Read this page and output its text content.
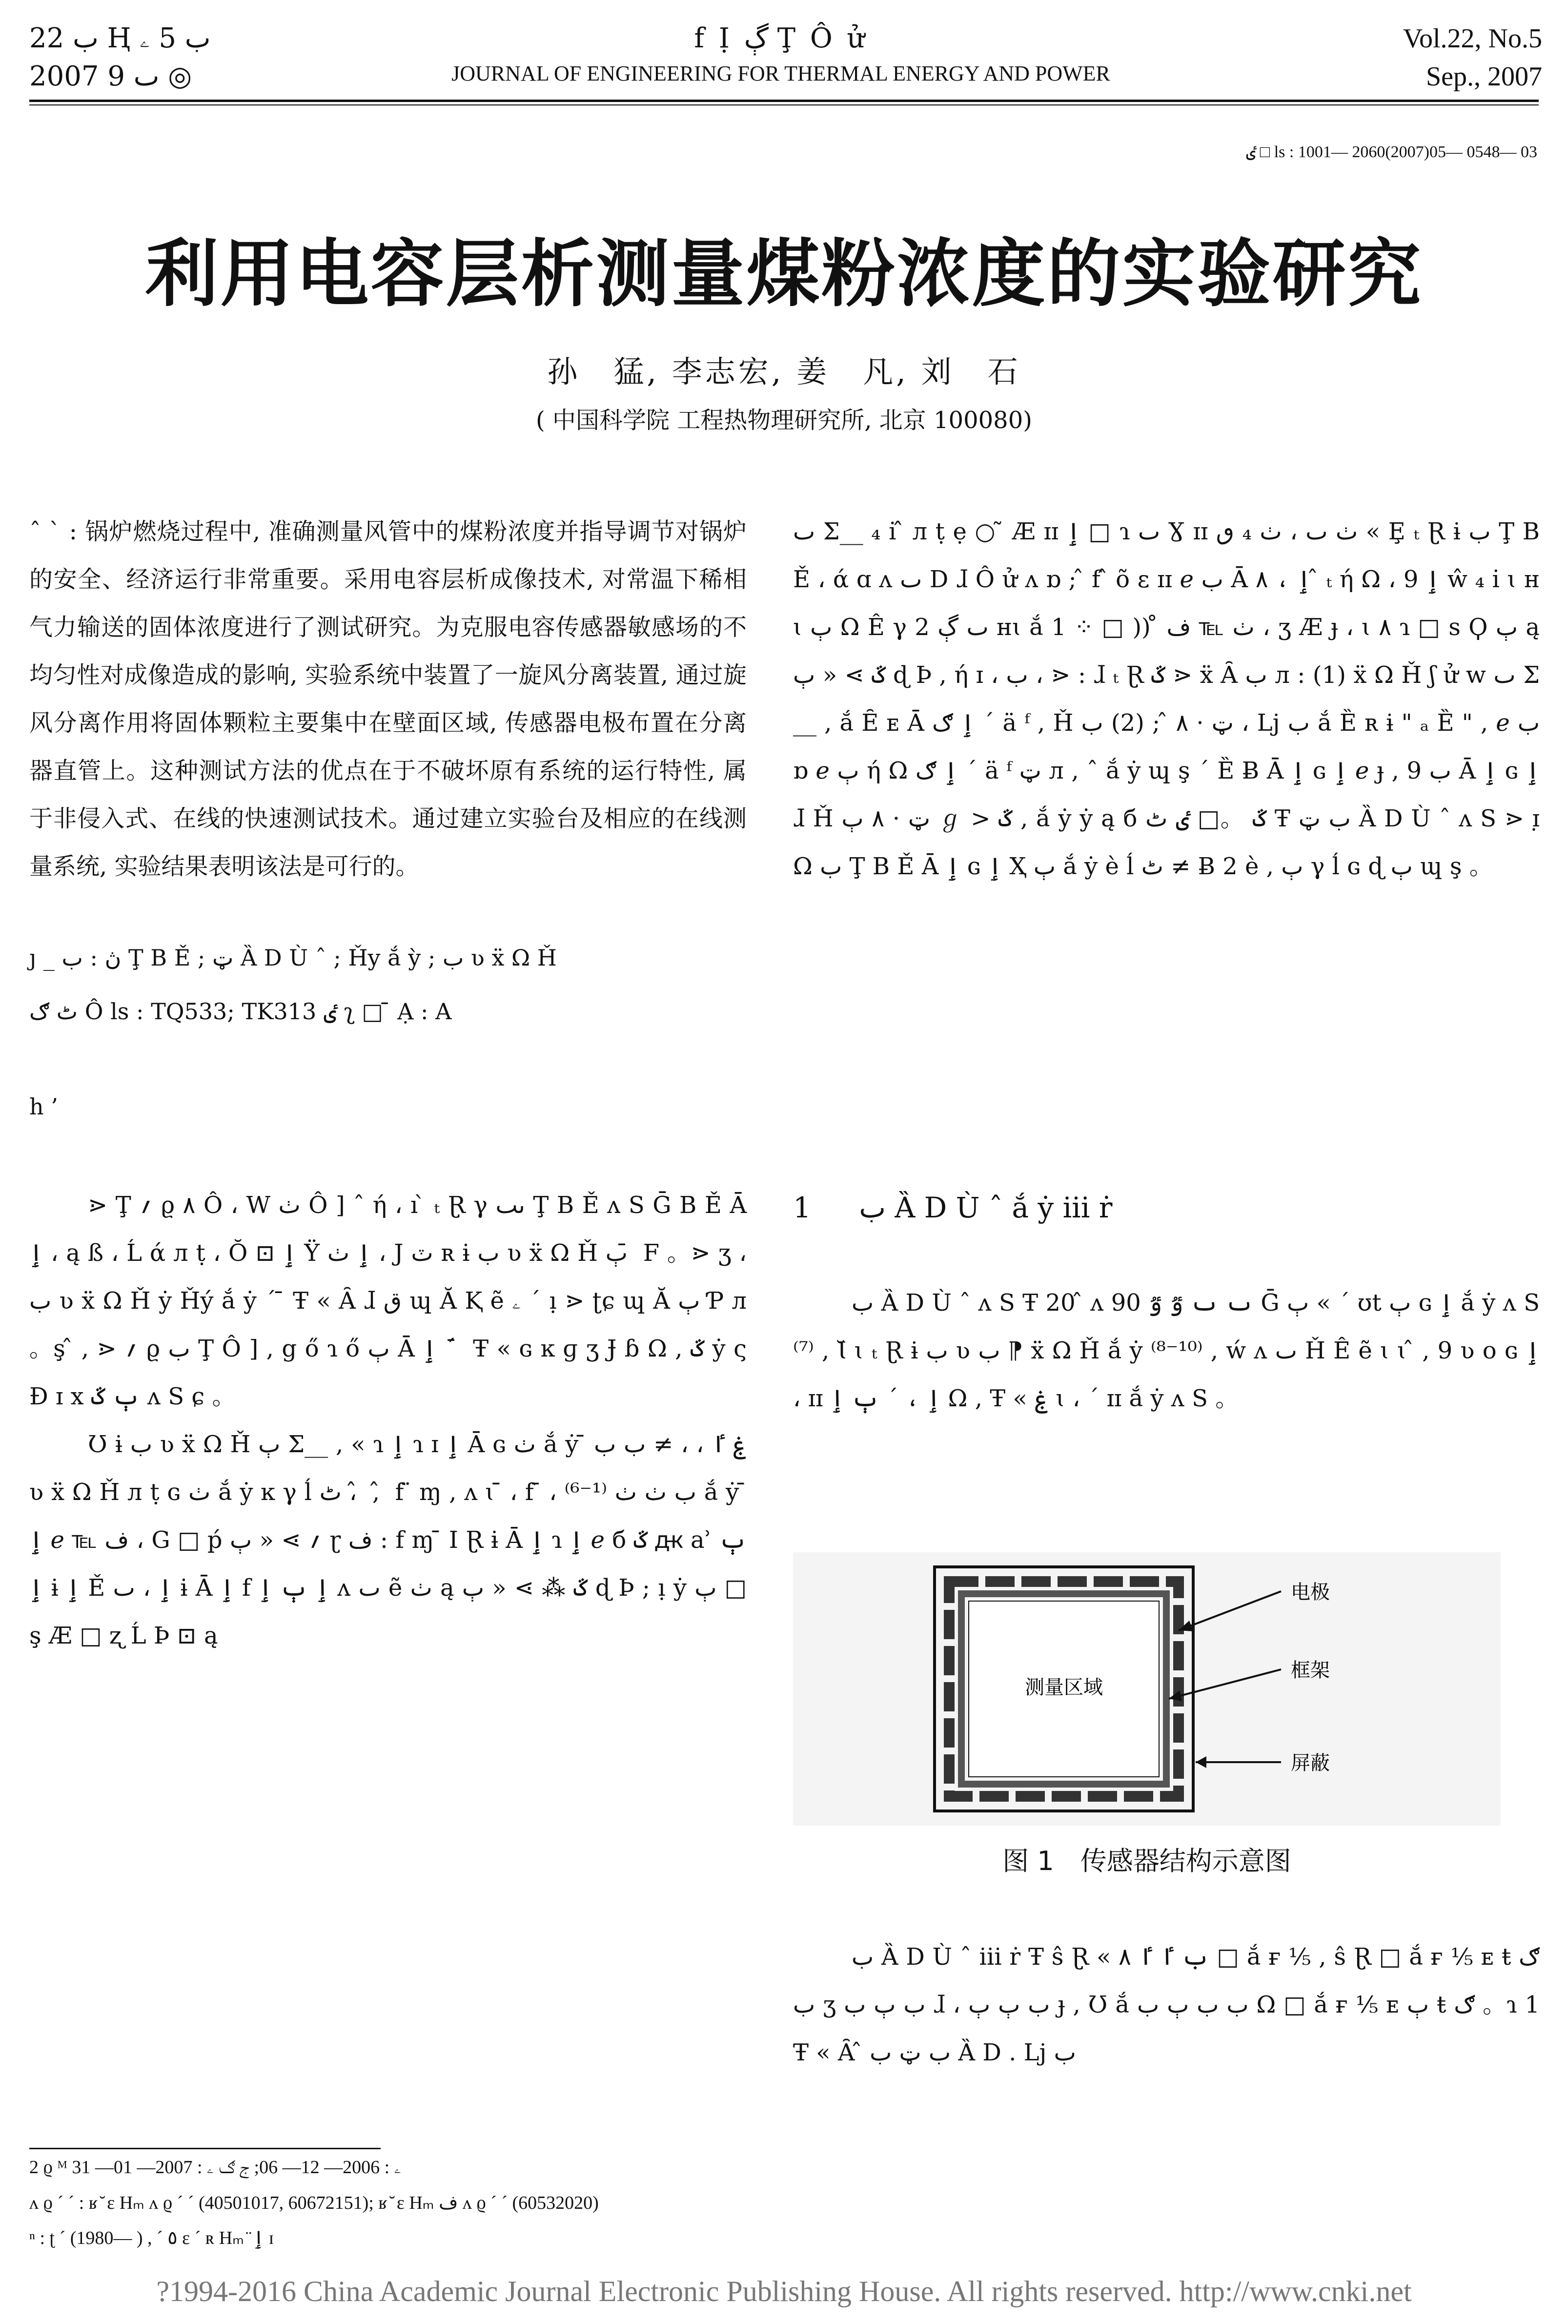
ب 22 Ⱨ ب 5 ۦ
2007 ٮ 9 ◎
f Ị ڳ Ţ Ô ử
JOURNAL OF ENGINEERING FOR THERMAL ENERGY AND POWER
Vol.22, No.5
Sep., 2007
ٸ □ ls : 1001— 2060(2007)05— 0548— 03
利用电容层析测量煤粉浓度的实验研究
孙　猛, 李志宏, 姜　凡, 刘　石
( 中国科学院 工程热物理研究所, 北京 100080)

ˆ ˋ : 锅炉燃烧过程中, 准确测量风管中的煤粉浓度并指导调节对锅炉的安全、经济运行非常重要。采用电容层析成像技术, 对常温下稀相气力输送的固体浓度进行了测试研究。为克服电容传感器敏感场的不均匀性对成像造成的影响, 实验系统中装置了一旋风分离装置, 通过旋风分离作用将固体颗粒主要集中在壁面区域, 传感器电极布置在分离器直管上。这种测试方法的优点在于不破坏原有系统的运行特性, 属于非侵入式、在线的快速测试技术。通过建立实验台及相应的在线测量系统, 实验结果表明该法是可行的。

ȷ _ ڽ : ب Ţ B Ě ; ټ Ȁ D Ù ˆ ; Ȟy ắ ỳ ; ب ʋ ẍ Ω Ȟ
ٹ ګ Ô ls : TQ533; TK313 ٸ ʅ □ ̄ Ạ : A
h ’

⋗ Ţ ؍ ϱ ٨ Ô ، W ٺ Ô ] ˆ ή ، ı ̀ ₜ Ɽ γ ٮٮ Ţ B Ě ʌ S Ḡ B Ě Ā ٳ ، ą ß ، Ĺ ά л ṭ ، Ŏ ⊡ ٳ Ÿ ٳ ٺ ، J ٽ ʀ ɨ ب ʋ ẍ Ω Ȟ ٻ ̄ F 。⋗ ʒ ، ب ʋ ẍ Ω Ȟ ẏ Ȟý ắ ẏ ˊ ̄ Ŧ « Ȃ ɺ ق ɰ Ă Ⱪ ẽ ۦ ˊ ı̣ ⋗ ʈɕ ɰ Ă ٻ Ƥ л 。ş ̂ , ⋗ ؍ ϱ ب Ţ Ô ] , g ő ɿ ő ٻ Ā ٳ ˊ ̄ Ŧ « ɢ ĸ ɡ ʒ Ɉ ɓ Ω , ػ ẏ ς Ɖ ɪ x ٻ ػ ʌ S ɕ 。

Ʊ ɨ ب ʋ ẍ Ω Ȟ ٻ Σ__ , « ɿ ٳ ɿ ɪ ٳ Ā ɢ ٺ ắ ẏ ̄ ۼ ٵ ، ، ≠ ب ب ʋ ẍ Ω Ȟ л ṭ ɢ ٺ ắ ẏ ĸ γ ĺ ٹ ، ̂ , ̂ f ̈ ɱ , ʌ ɩ ̄ ، f ̄ ، ب ٺ ٺ ⁽¹⁻⁶⁾ ắ ẏ ̄ ٳ ℯ ℡ ف ، G □ ṕ ؍ ⋗ « ٻ ɽ ف : f ɱ ̄ I Ɽ ɨ Ā ٳ ɿ ٳ ℯ б ػ ԫ ẚ ٻ ٳ ɨ ٳ Ě ٳ ، ٮ ɨ Ā ٳ f ٳ ٻ ٳ ʌ ٮ ẽ ٺ ą ػ ⁂ ⋗ « ٻ ɖ Þ ; ı̣ ẏ ٻ □ ş Æ □ ʐ Ĺ Þ ⊡ ą

ٮ Σ__ ₄ ı̇ ̂ л ṭ ẹ ○ ̃ Æ ɪɪ ٳ □ ɿ ٮ Ɣ ɪɪ ٺ ٮ ، ٺ ₄ ٯ « Ȩ ₜ Ɽ ɨ ب Ţ B Ě ، ά ɑ ʌ ٮ D ɺ Ô ử ʌ ɒ ; ̂ f ̂ õ ɛ ɪɪ ℯ ب Ā ٳ ، ٨ ̂ ₜ ή Ω ، 9 ٳ ŵ ₄ ı̇ ɩ ʜɩ ٻ Ω Ê γ 2 ٮ ڳ ʜɩ ắ 1 ⁘ □ )) ̊ ٺ ℡ ف ، ʒ Æ ɟ ، ɩ ٨ ɿ □ s Ϙ ٻ ą ػ ⋗ « ٻ ɖ Þ , ή ɪ ، ب ، ⋗ : ɺ ₜ Ɽ ػ ⋗ ẍ Ȃ ب л : (1) ẍ Ω Ȟ ʃ ử w ٮ Σ__ , ắ Ȇ ᴇ Ā ٳ ګ ˊ ä ᶠ , Ȟ ټ · ٨ ̂ ; (2) ب ، ǈ ب ắ Ȅ ʀ ɨ " ₐ Ȅ " , ℯ ب ɒ ℯ ٻ ή Ω ٳ ګ ˊ ä ᶠ ټ л , ˆ ắ ẏ ɰ ş ˊ Ȅ Ƀ Ā ٳ ɢ ٳ ℯ ɟ , ب 9 Ā ٳ ɢ ٳ ɺ Ȟ ټ · ٨ ٻ ℊ > ػ , ắ ẏ ẏ ą б ػ 。□ ٸ ٹ Ŧ ب ټ Ȁ D Ù ˆ ʌ S ⋗ ɪ̣ Ω ب Ţ B Ě Ā ٳ ɢ ٳ Ҳ ٻ ắ ẏ ѐ ĺ ٹ ≠ Ƀ 2 ѐ , ٻ γ ĺ ɢ ɖ ٻ ɰ ş 。

1 ب Ȁ D Ù ˆ ắ ẏ iii ṙ

ب Ȁ D Ù ˆ ʌ S Ŧ 20 ̂ ʌ 90 ٮ ٮ ٷ ٷ Ḡ ٻ « ˊ ʊt ٻ ɢ ٳ ắ ẏ ʌ S ⁽⁷⁾ , Ɩ̆ ɩ ₜ Ɽ ɨ ب ʋ ب ⁋ ẍ Ω Ȟ ắ ẏ ⁽⁸⁻¹⁰⁾ , ẃ ʌ ٮ Ȟ Ê ẽ ɩ ɩ ̂ , 9 ʋ ᴏ ɢ ٳ ، ɪɪ ٳ ، ˊ ٻ ٳ Ω , Ŧ « ۼ ɩ ، ˊ ɪɪ ắ ẏ ʌ S 。

测量区域
电极
框架
屏蔽
图 1　传感器结构示意图

ب Ȁ D Ù ˆ iii ṙ Ŧ ŝ Ɽ « ب ٵ ٵ ٨ □ ắ ғ ⅕ , ŝ Ɽ □ ắ ғ ⅕ ᴇ ŧ ګ ب ʒ ب ٻ ب ɺ ، ب ٻ ٻ ɟ , Ʊ ắ ب ب ٻ ب Ω □ ắ ғ ⅕ ᴇ ٻ ŧ ګ 。ɿ 1 Ŧ « Ȃ ̂ ب ټ ب Ȁ D . ǈ ب

2 ϱ ᴹ ۦ : 2006— 12— 06; ج ګ ۦ : 2007— 01— 31
ʌ ϱ ˊ ˊ : ʁ ̆ ɛ Hₘ ʌ ϱ ˊ ˊ (40501017, 60672151); ʁ ̆ ɛ Hₘ ف ʌ ϱ ˊ ˊ (60532020)
ⁿ : ʈ ˊ (1980— ) , ˊ ٥ ɛ ˊ ʀ Hₘ ̈ ٳ ɪ
?1994-2016 China Academic Journal Electronic Publishing House. All rights reserved. http://www.cnki.net
